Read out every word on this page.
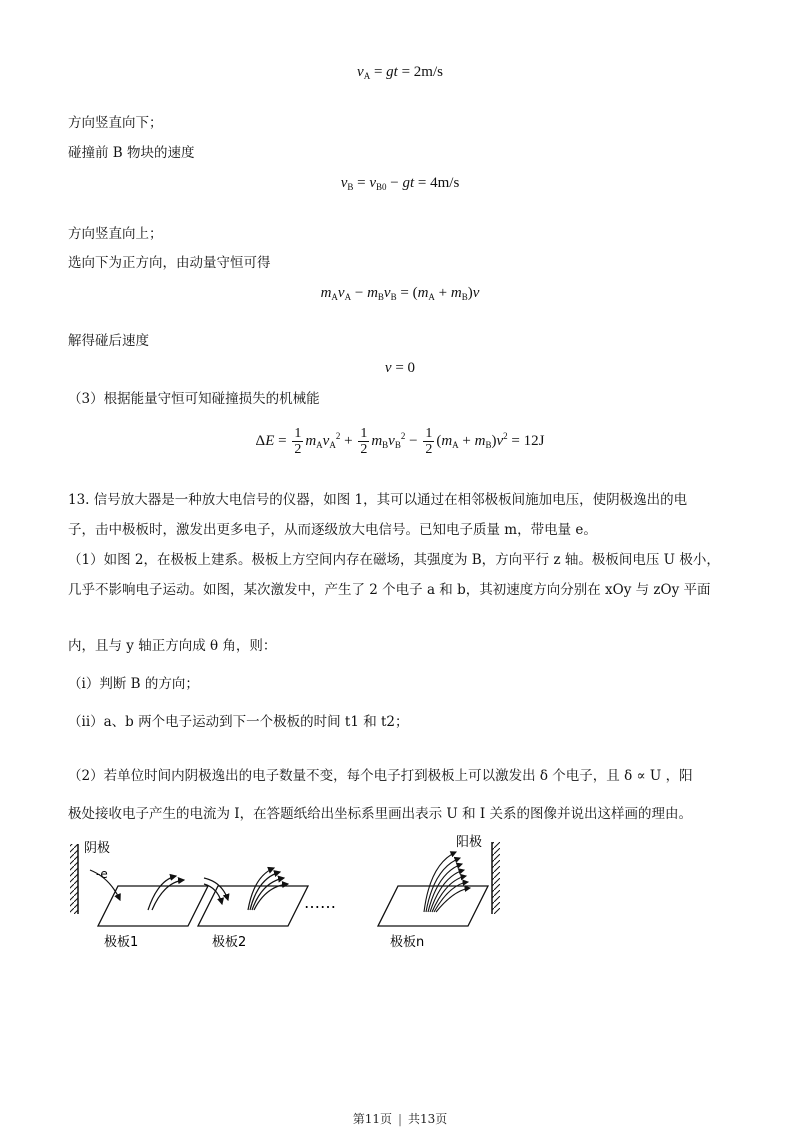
$v_A$ = gt = 2m/s
方向竖直向下；
碰撞前 B 物块的速度
$v_B = v_{B0}$ − gt = 4m/s
方向竖直向上；
选向下为正方向，由动量守恒可得
$m_Av_A - m_Bv_B = (m_A + m_B)v$
解得碰后速度
v = 0
（3）根据能量守恒可知碰撞损失的机械能
$\Delta E = \frac{1}{2} m_Av_A^2 + \frac{1}{2} m_Bv_B^2 - \frac{1}{2} (m_A + m_B)v^2 = 12J$
13. 信号放大器是一种放大电信号的仪器，如图 1，其可以通过在相邻极板间施加电压，使阴极逸出的电
子，击中极板时，激发出更多电子，从而逐级放大电信号。已知电子质量 m，带电量 e。
（1）如图 2，在极板上建系。极板上方空间内存在磁场，其强度为 B，方向平行 z 轴。极板间电压 U 极小，
几乎不影响电子运动。如图，某次激发中，产生了 2 个电子 a 和 b，其初速度方向分别在 xOy 与 zOy 平面
内，且与 y 轴正方向成 θ 角，则：
（i）判断 B 的方向；
（ii）a、b 两个电子运动到下一个极板的时间 t1 和 t2；
（2）若单位时间内阴极逸出的电子数量不变，每个电子打到极板上可以激发出 δ 个电子，且 δ ∝ U ，阳
极处接收电子产生的电流为 I，在答题纸给出坐标系里画出表示 U 和 I 关系的图像并说出这样画的理由。
阴极
-e
极板1	极板2
……
极板n
阳极
第11页 | 共13页
